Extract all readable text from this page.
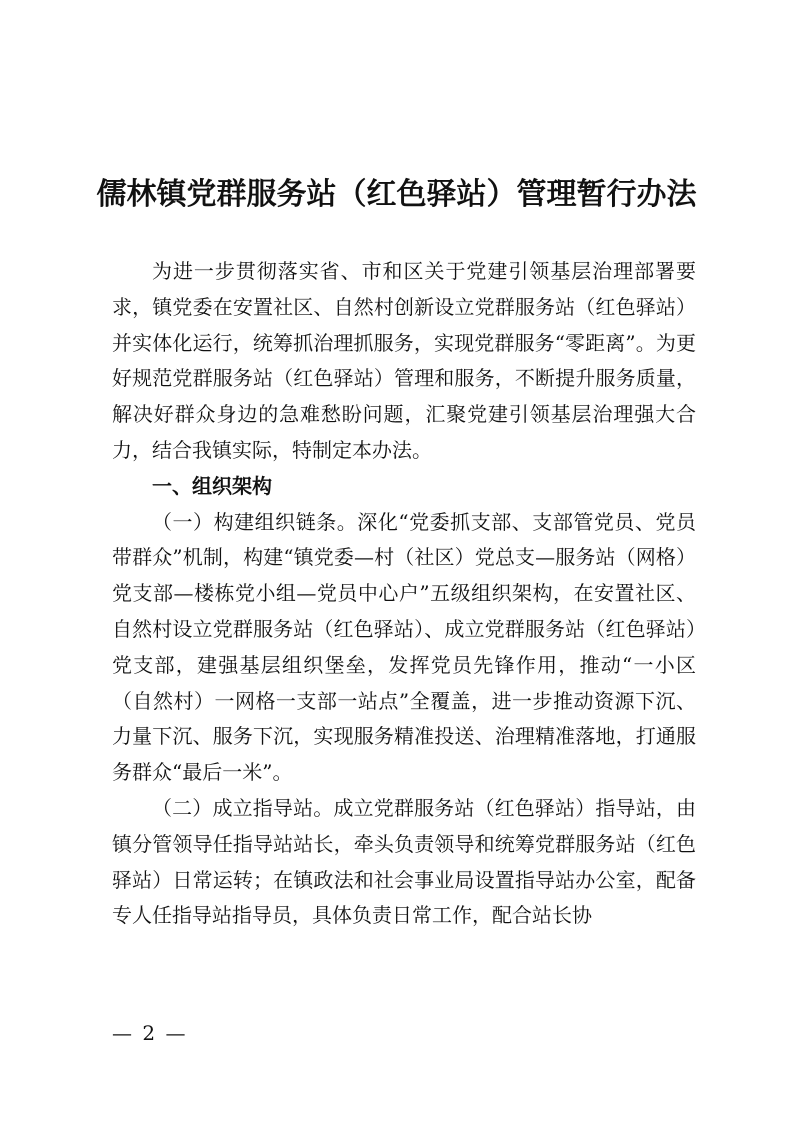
儒林镇党群服务站（红色驿站）管理暂行办法

为进一步贯彻落实省、市和区关于党建引领基层治理部署要求，镇党委在安置社区、自然村创新设立党群服务站（红色驿站）并实体化运行，统筹抓治理抓服务，实现党群服务“零距离”。为更好规范党群服务站（红色驿站）管理和服务，不断提升服务质量，解决好群众身边的急难愁盼问题，汇聚党建引领基层治理强大合力，结合我镇实际，特制定本办法。

一、组织架构

（一）构建组织链条。深化“党委抓支部、支部管党员、党员带群众”机制，构建“镇党委—村（社区）党总支—服务站（网格）党支部—楼栋党小组—党员中心户”五级组织架构，在安置社区、自然村设立党群服务站（红色驿站）、成立党群服务站（红色驿站）党支部，建强基层组织堡垒，发挥党员先锋作用，推动“一小区（自然村）一网格一支部一站点”全覆盖，进一步推动资源下沉、力量下沉、服务下沉，实现服务精准投送、治理精准落地，打通服务群众“最后一米”。

（二）成立指导站。成立党群服务站（红色驿站）指导站，由镇分管领导任指导站站长，牵头负责领导和统筹党群服务站（红色驿站）日常运转；在镇政法和社会事业局设置指导站办公室，配备专人任指导站指导员，具体负责日常工作，配合站长协

— 2 —
